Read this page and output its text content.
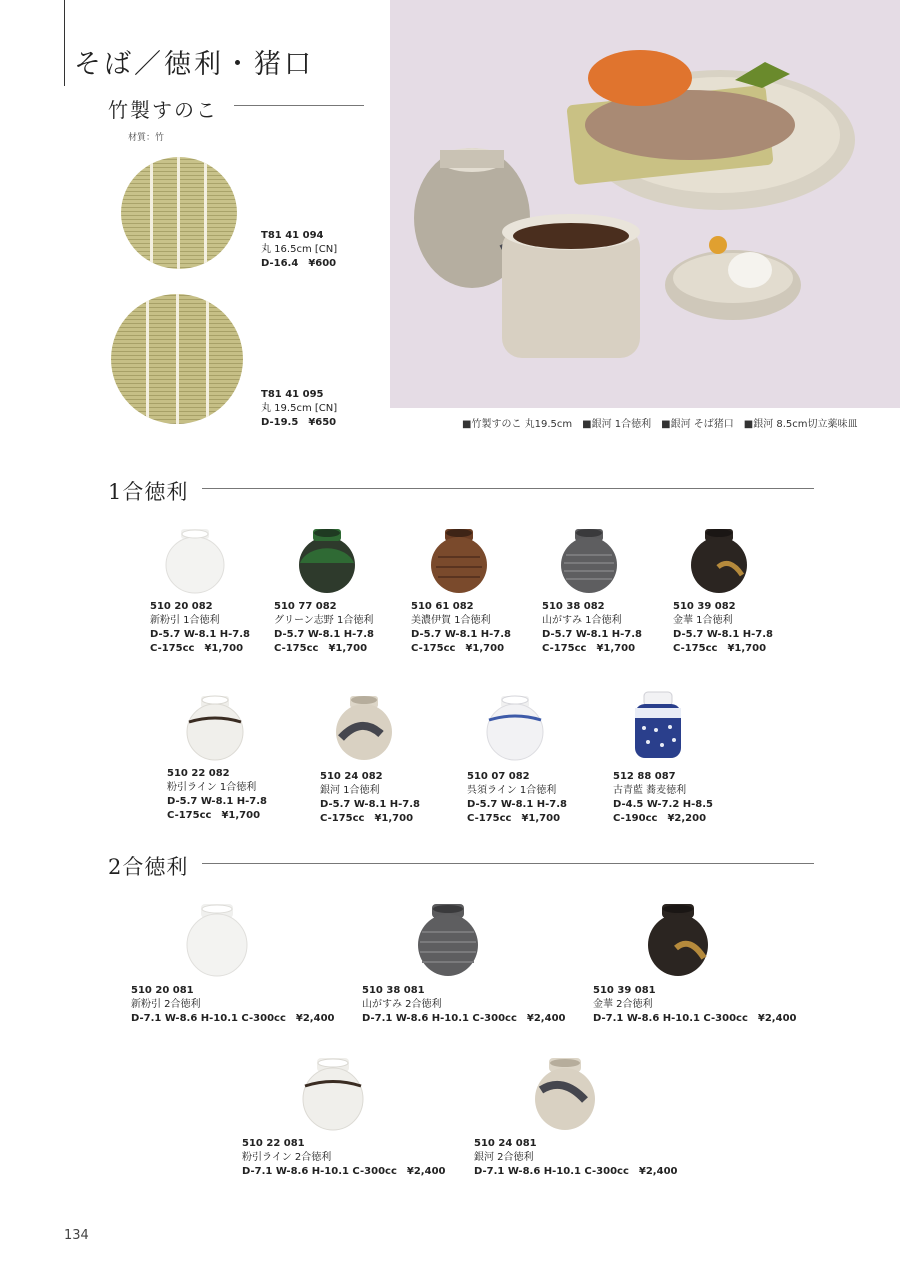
そば／徳利・猪口
竹製すのこ
材質：竹
T81 41 094
丸 16.5cm [CN]
D-16.4 ¥600
T81 41 095
丸 19.5cm [CN]
D-19.5 ¥650	■竹製すのこ 丸19.5cm　■銀河 1合徳利　■銀河 そば猪口　■銀河 8.5cm切立薬味皿
1合徳利
510 20 082
新粉引 1合徳利
D-5.7 W-8.1 H-7.8
C-175cc ¥1,700
510 77 082
グリーン志野 1合徳利
D-5.7 W-8.1 H-7.8
C-175cc ¥1,700
510 61 082
美濃伊賀 1合徳利
D-5.7 W-8.1 H-7.8
C-175cc ¥1,700
510 38 082
山がすみ 1合徳利
D-5.7 W-8.1 H-7.8
C-175cc ¥1,700
510 39 082
金華 1合徳利
D-5.7 W-8.1 H-7.8
C-175cc ¥1,700
510 22 082
粉引ライン 1合徳利
D-5.7 W-8.1 H-7.8
C-175cc ¥1,700
510 24 082
銀河 1合徳利
D-5.7 W-8.1 H-7.8
C-175cc ¥1,700
510 07 082
呉須ライン 1合徳利
D-5.7 W-8.1 H-7.8
C-175cc ¥1,700
512 88 087
古青藍 蕎麦徳利
D-4.5 W-7.2 H-8.5
C-190cc ¥2,200
2合徳利
510 20 081
新粉引 2合徳利
D-7.1 W-8.6 H-10.1 C-300cc ¥2,400
510 38 081
山がすみ 2合徳利
D-7.1 W-8.6 H-10.1 C-300cc ¥2,400
510 39 081
金華 2合徳利
D-7.1 W-8.6 H-10.1 C-300cc ¥2,400
510 22 081
粉引ライン 2合徳利
D-7.1 W-8.6 H-10.1 C-300cc ¥2,400
510 24 081
銀河 2合徳利
D-7.1 W-8.6 H-10.1 C-300cc ¥2,400
134
